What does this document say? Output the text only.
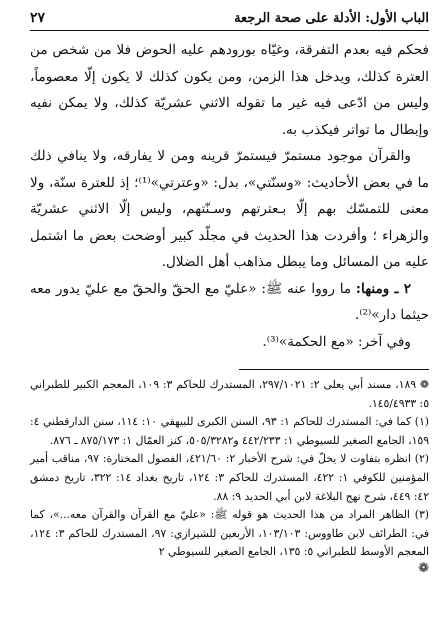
الباب الأول: الأدلة على صحة الرجعة
٢٧

فحكم فيه بعدم التفرقة، وغيّاه بورودهم عليه الحوض فلا من شخص من العترة كذلك، ويدخل هذا الزمن، ومن يكون كذلك لا يكون إلّا معصوماً، وليس من ادّعى فيه غير ما تقوله الاثني عشريّة كذلك، ولا يمكن نفيه وإبطال ما تواتر فيكذب به.

والقرآن موجود مستمرّ فيستمرّ قرينه ومن لا يفارقه، ولا ينافي ذلك ما في بعض الأحاديث: «وسنّتي»، بدل: «وعترتي»⁽¹⁾؛ إذ للعترة سنّة، ولا معنى للتمسّك بهم إلّا بـعترتهم وسـنّتهم، وليس إلّا الاثني عشريّة والزهراء ؛ وأفردت هذا الحديث في مجلّد كبير أوضحت بعض ما اشتمل عليه من المسائل وما يبطل مذاهب أهل الضلال.

٢ ـ ومنها: ما رووا عنه ﷺ: «عليّ مع الحقّ والحقّ مع عليّ يدور معه حيثما دار»⁽²⁾.

وفي آخر: «مع الحكمة»⁽³⁾.

❁ ١٨٩، مسند أبي يعلى ٢: ٢٩٧/١٠٢١، المستدرك للحاكم ٣: ١٠٩، المعجم الكبير للطبراني ٥: ١٤٥/٤٩٣٣.

(١) كما في: المستدرك للحاكم ١: ٩٣، السنن الكبرى للبيهقي ١٠: ١١٤، سنن الدارقطني ٤: ١٥٩، الجامع الصغير للسيوطي ١: ٤٤٢/٢٣٣ و٥٠٥/٣٢٨٢، كنز العمّال ١: ٨٧٥/١٧٣ ـ ٨٧٦.

(٢) انظره بتفاوت لا يخلّ في: شرح الأخبار ٢: ٤٢١/٦٠، الفصول المختارة: ٩٧، مناقب أمير المؤمنين للكوفي ١: ٤٢٢، المستدرك للحاكم ٣: ١٢٤، تاريخ بغداد ١٤: ٣٢٢، تاريخ دمشق ٤٢: ٤٤٩، شرح نهج البلاغة لابن أبي الحديد ٩: ٨٨.

(٣) الظاهر المراد من هذا الحديث هو قوله ﷺ: «عليّ مع القرآن والقرآن معه...»، كما في: الطرائف لابن طاووس: ١٠٣/١٠٣، الأربعين للشيرازي: ٩٧، المستدرك للحاكم ٣: ١٢٤، المعجم الأوسط للطبراني ٥: ١٣٥، الجامع الصغير للسيوطي ٢

❁
